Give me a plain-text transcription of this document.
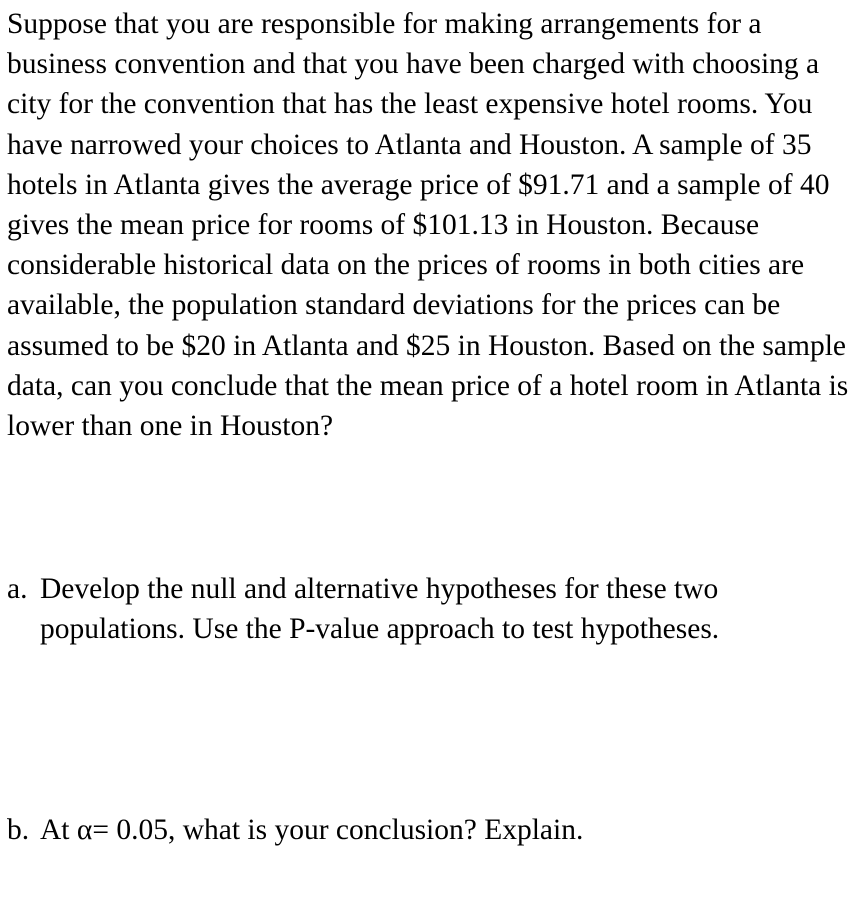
Suppose that you are responsible for making arrangements for a business convention and that you have been charged with choosing a city for the convention that has the least expensive hotel rooms. You have narrowed your choices to Atlanta and Houston. A sample of 35 hotels in Atlanta gives the average price of $91.71 and a sample of 40 gives the mean price for rooms of $101.13 in Houston. Because considerable historical data on the prices of rooms in both cities are available, the population standard deviations for the prices can be assumed to be $20 in Atlanta and $25 in Houston. Based on the sample data, can you conclude that the mean price of a hotel room in Atlanta is lower than one in Houston?

a. Develop the null and alternative hypotheses for these two populations. Use the P-value approach to test hypotheses.
b. At α= 0.05, what is your conclusion? Explain.
